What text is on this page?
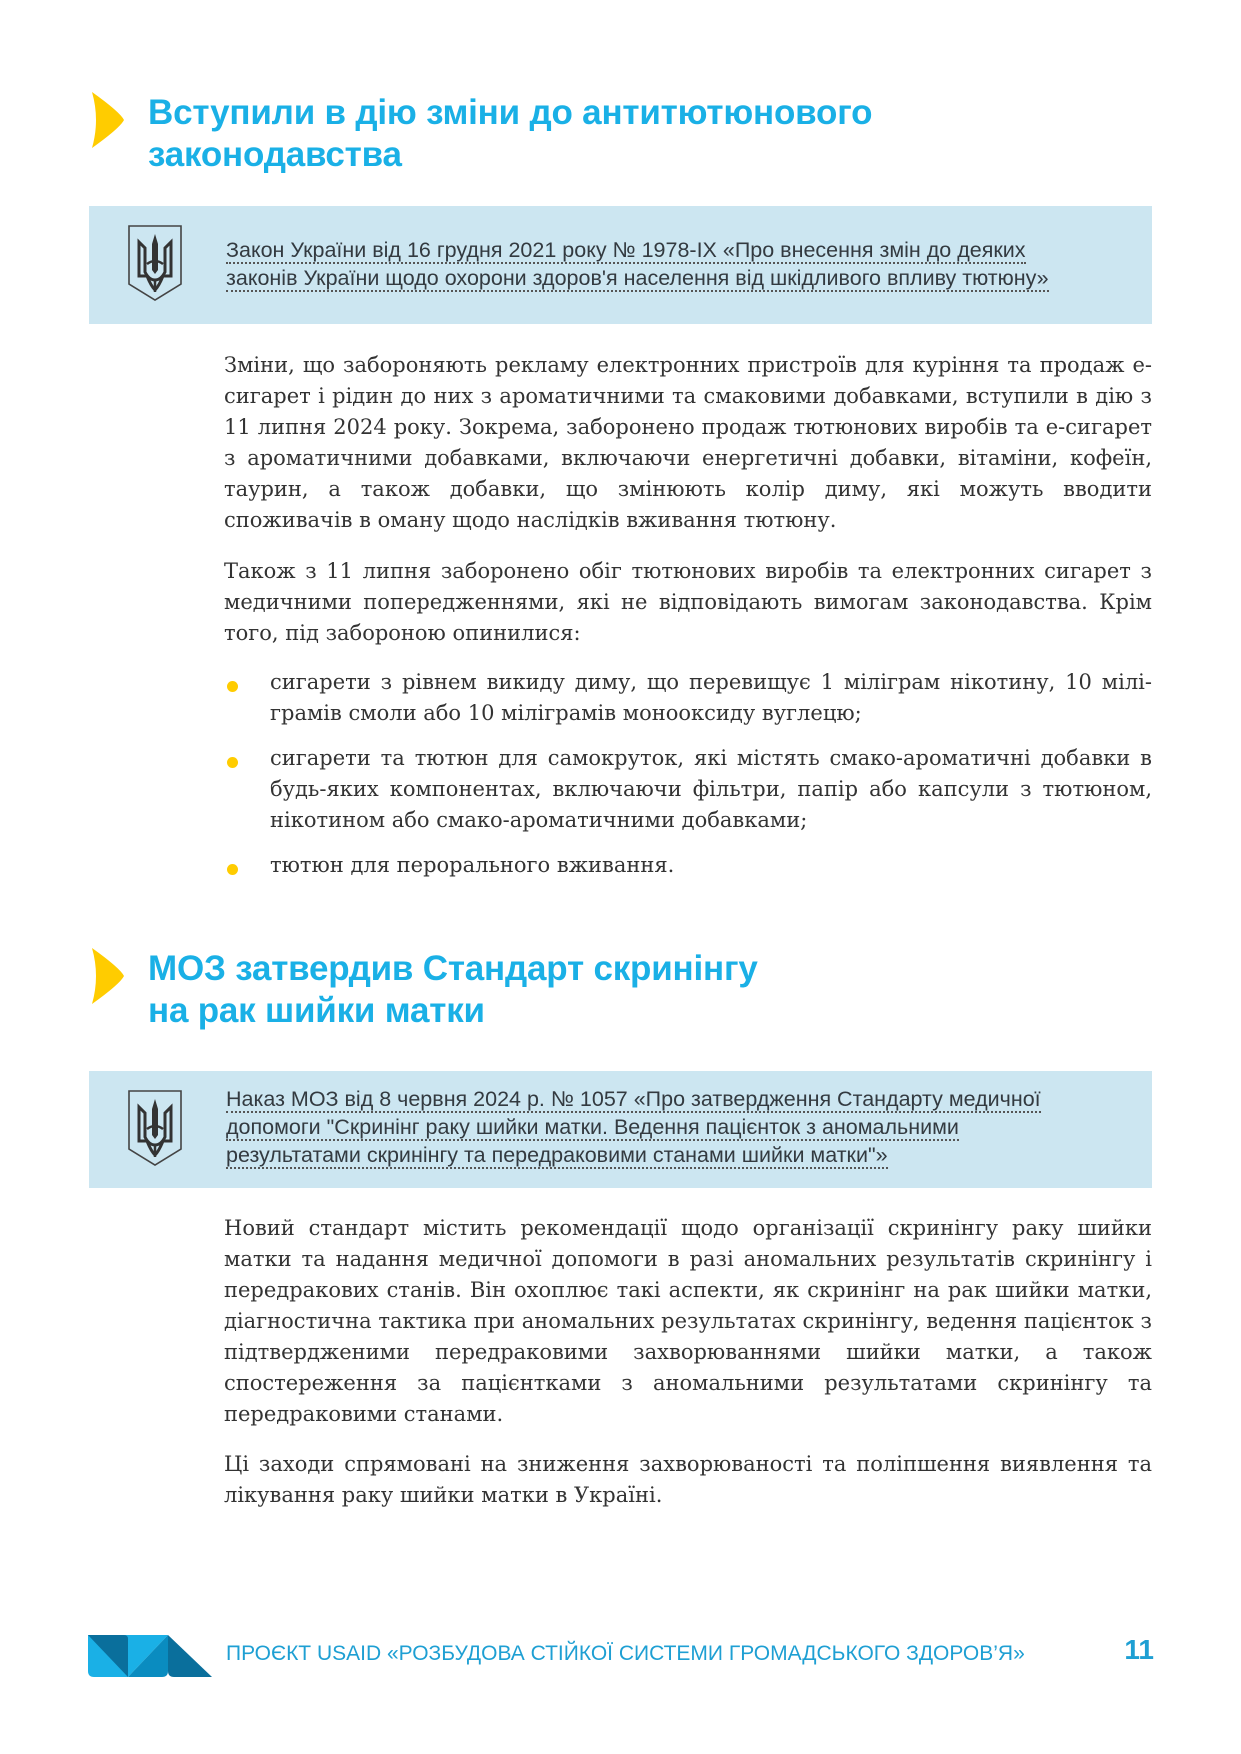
Вступили в дію зміни до антитютюнового
законодавства

Закон України від 16 грудня 2021 року № 1978-IX «Про внесення змін до деяких
законів України щодо охорони здоров'я населення від шкідливого впливу тютюну»

Зміни, що забороняють рекламу електронних пристроїв для куріння та продаж е-сигарет і рідин до них з ароматичними та смаковими добавками, вступили в дію з 11 липня 2024 року. Зокрема, заборонено продаж тютюнових виробів та е-сигарет з ароматичними добавками, включаючи енергетичні добавки, вітаміни, кофеїн, таурин, а також добавки, що змінюють колір диму, які можуть вводити споживачів в оману щодо наслідків вживання тютюну.

Також з 11 липня заборонено обіг тютюнових виробів та електронних сигарет з медичними попередженнями, які не відповідають вимогам законодавства. Крім того, під забороною опинилися:

сигарети з рівнем викиду диму, що перевищує 1 міліграм нікотину, 10 міліграмів смоли або 10 міліграмів монооксиду вуглецю;
сигарети та тютюн для самокруток, які містять смако-ароматичні добавки в будь-яких компонентах, включаючи фільтри, папір або капсули з тютюном, нікотином або смако-ароматичними добавками;
тютюн для перорального вживання.
МОЗ затвердив Стандарт скринінгу
на рак шийки матки

Наказ МОЗ від 8 червня 2024 р. № 1057 «Про затвердження Стандарту медичної
допомоги "Скринінг раку шийки матки. Ведення пацієнток з аномальними
результатами скринінгу та передраковими станами шийки матки"»

Новий стандарт містить рекомендації щодо організації скринінгу раку шийки матки та надання медичної допомоги в разі аномальних результатів скринінгу і передракових станів. Він охоплює такі аспекти, як скринінг на рак шийки матки, діагностична тактика при аномальних результатах скринінгу, ведення пацієнток з підтвердженими передраковими захворюваннями шийки матки, а також спостереження за пацієнтками з аномальними результатами скринінгу та передраковими станами.

Ці заходи спрямовані на зниження захворюваності та поліпшення виявлення та лікування раку шийки матки в Україні.

ПРОЄКТ USAID «РОЗБУДОВА СТІЙКОЇ СИСТЕМИ ГРОМАДСЬКОГО ЗДОРОВ’Я»	11
